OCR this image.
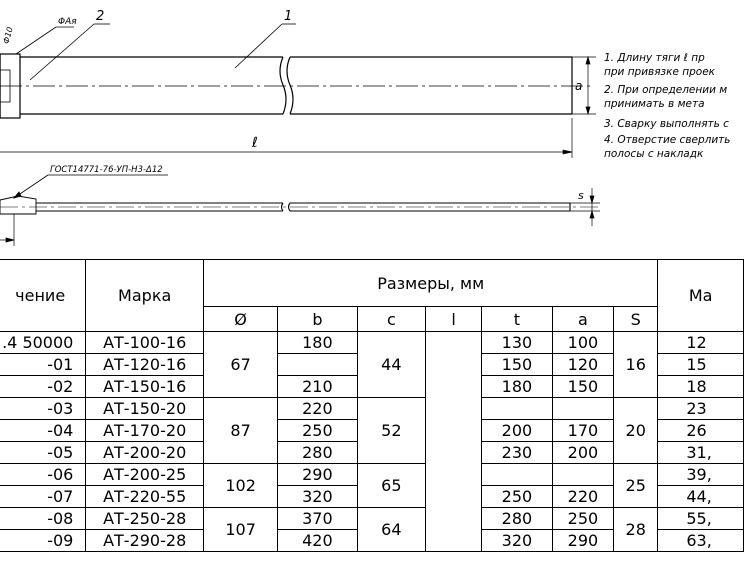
a
ℓ
2	1
ΦAя
Ф10
ГОСТ14771-76-УП-Н3-Δ12
s
1. Длину тяги ℓ пр
при привязке проек
2. При определении м
принимать в мета
3. Сварку выполнять с
4. Отверстие сверлить
полосы с накладк
чение	Марка	Размеры, мм							Ма
		Ø	b	c	l	t	a	S	
.4 50000	АТ-100-16	67	180	44		130	100	16	12
-01	АТ-120-16					150	120		15
-02	АТ-150-16		210			180	150		18
-03	АТ-150-20	87	220	52				20	23
-04	АТ-170-20		250			200	170		26
-05	АТ-200-20		280			230	200		31,
-06	АТ-200-25	102	290	65				25	39,
-07	АТ-220-55		320			250	220		44,
-08	АТ-250-28	107	370	64		280	250	28	55,
-09	АТ-290-28		420			320	290		63,
